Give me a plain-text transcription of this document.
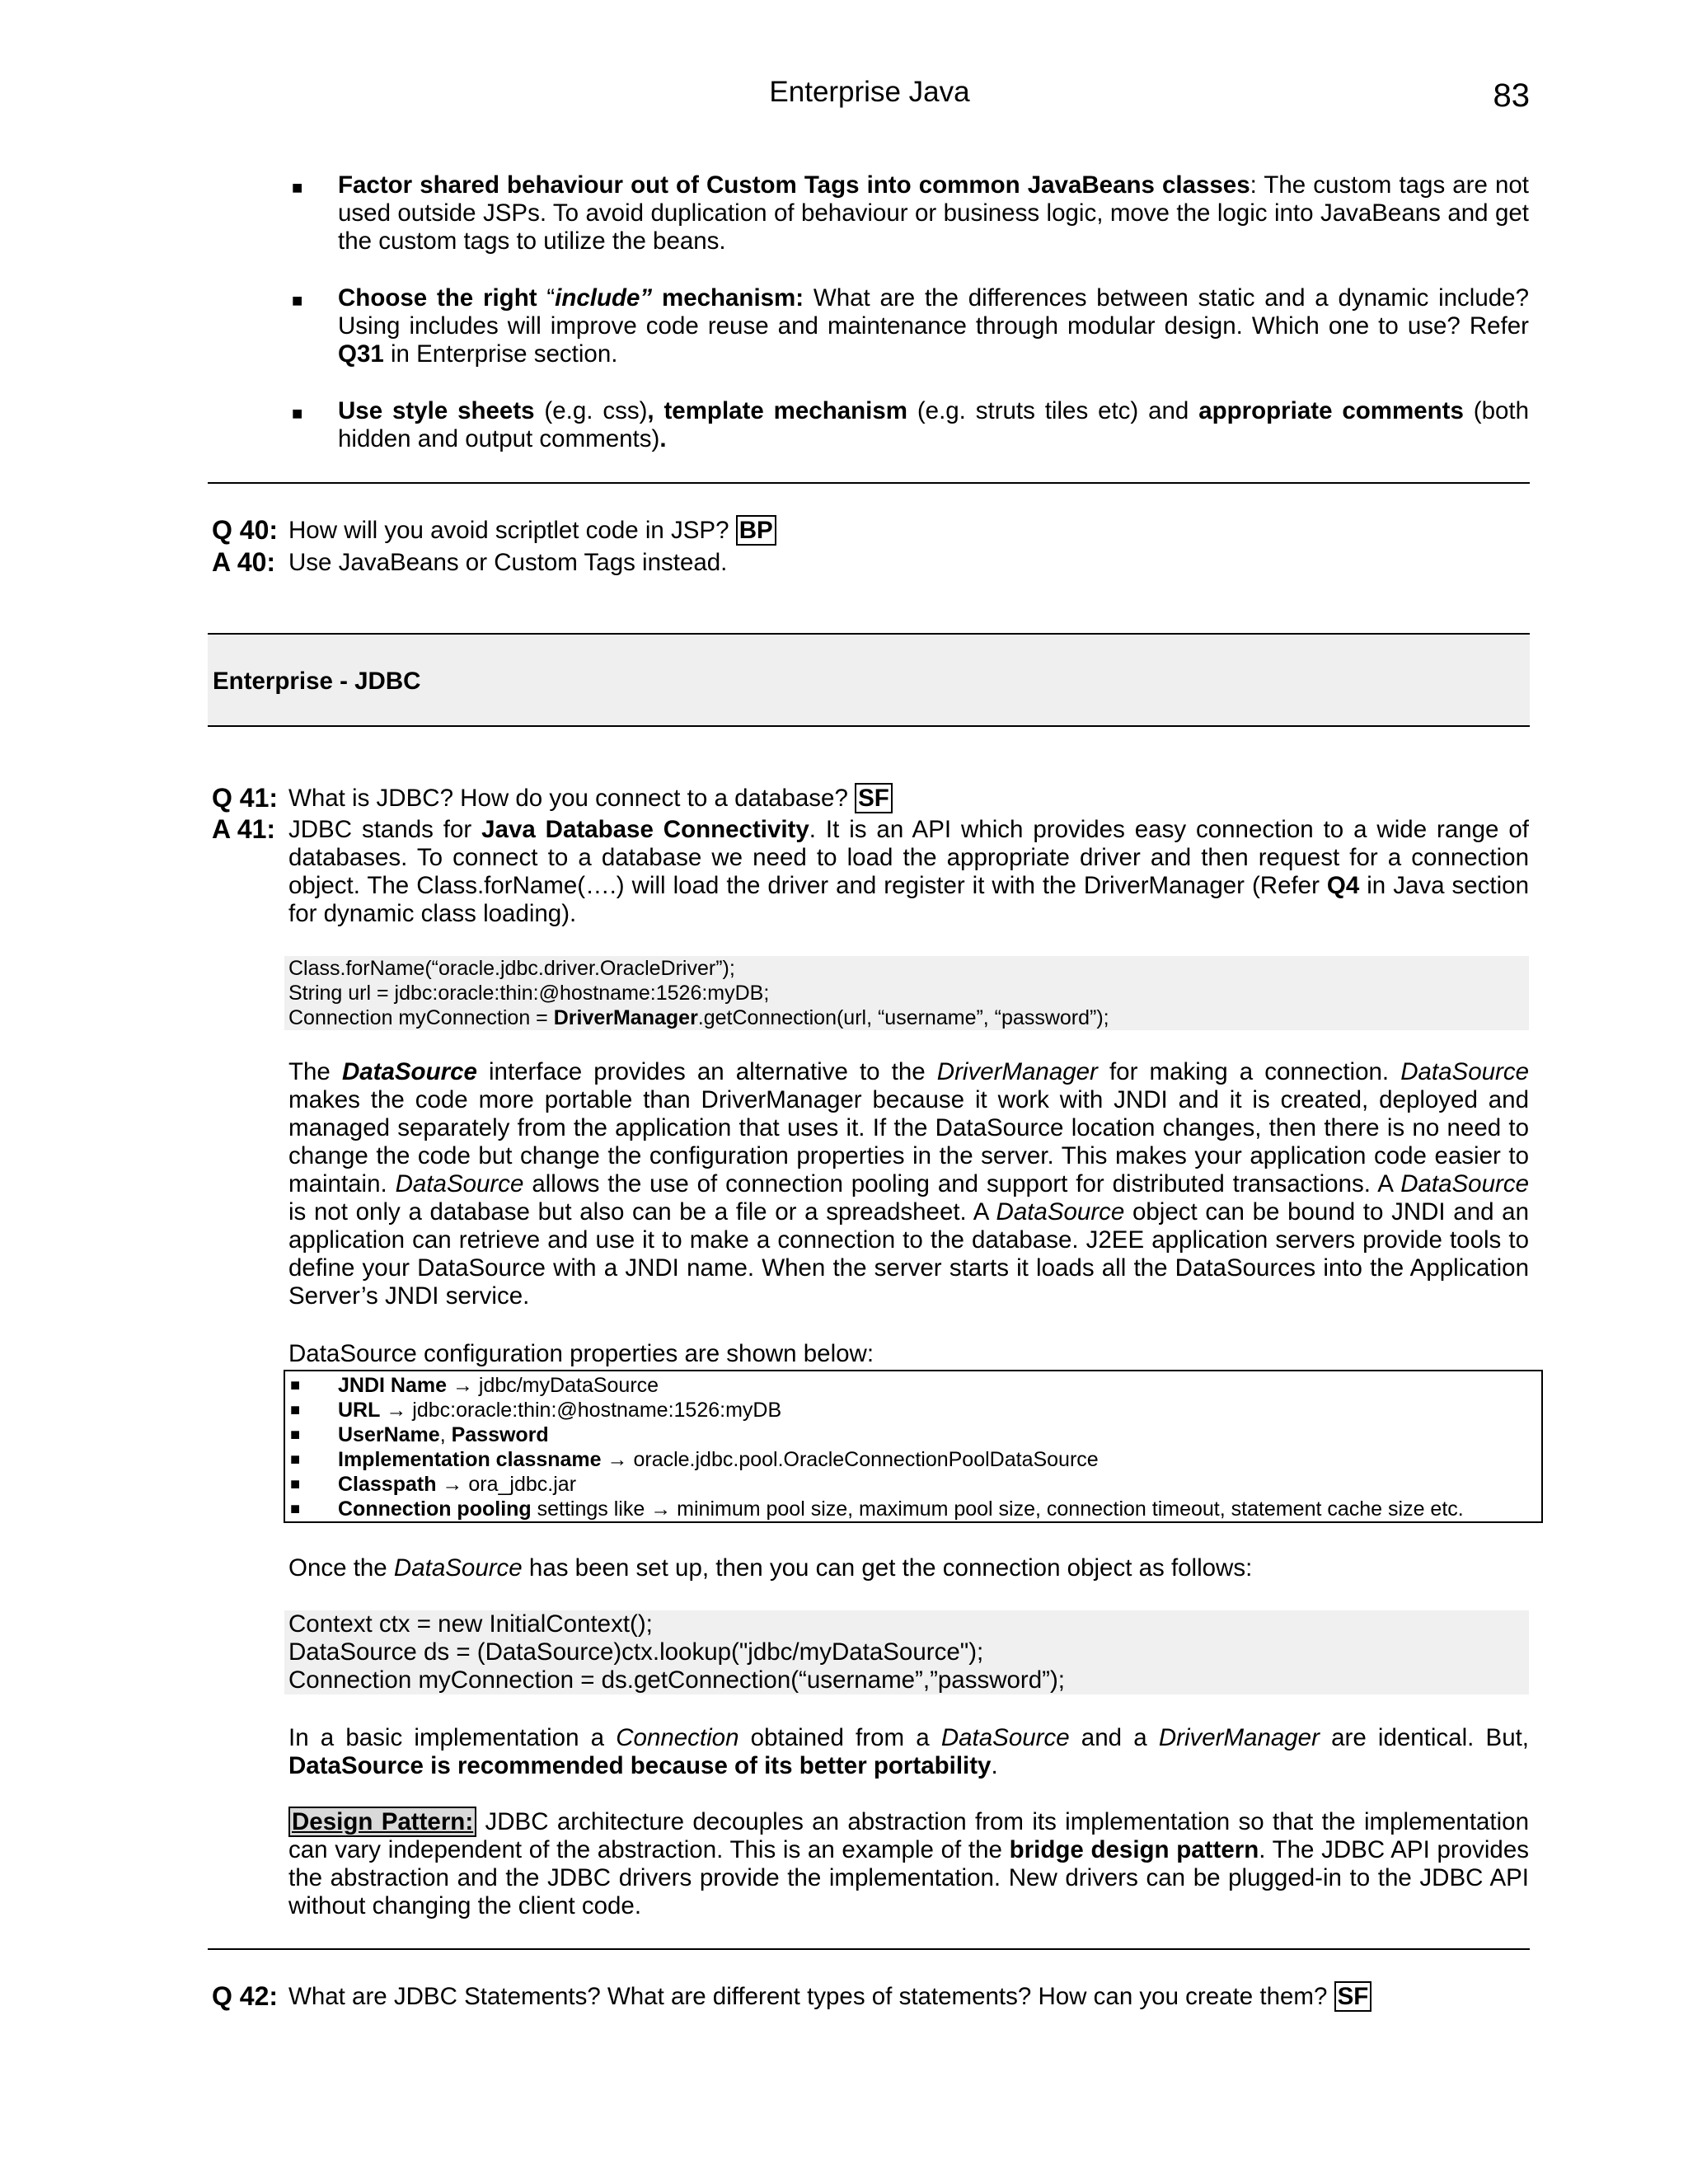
Enterprise Java	83
■ Factor shared behaviour out of Custom Tags into common JavaBeans classes: The custom tags are not used outside JSPs. To avoid duplication of behaviour or business logic, move the logic into JavaBeans and get the custom tags to utilize the beans.
■ Choose the right “include” mechanism: What are the differences between static and a dynamic include? Using includes will improve code reuse and maintenance through modular design. Which one to use? Refer Q31 in Enterprise section.
■ Use style sheets (e.g. css), template mechanism (e.g. struts tiles etc) and appropriate comments (both hidden and output comments).
Q 40: How will you avoid scriptlet code in JSP? BP
A 40: Use JavaBeans or Custom Tags instead.
Enterprise - JDBC
Q 41: What is JDBC? How do you connect to a database? SF
A 41: JDBC stands for Java Database Connectivity. It is an API which provides easy connection to a wide range of databases. To connect to a database we need to load the appropriate driver and then request for a connection object. The Class.forName(….) will load the driver and register it with the DriverManager (Refer Q4 in Java section for dynamic class loading).
Class.forName(“oracle.jdbc.driver.OracleDriver”);
String url = jdbc:oracle:thin:@hostname:1526:myDB;
Connection myConnection = DriverManager.getConnection(url, “username”, “password”);
The DataSource interface provides an alternative to the DriverManager for making a connection. DataSource makes the code more portable than DriverManager because it work with JNDI and it is created, deployed and managed separately from the application that uses it. If the DataSource location changes, then there is no need to change the code but change the configuration properties in the server. This makes your application code easier to maintain. DataSource allows the use of connection pooling and support for distributed transactions. A DataSource is not only a database but also can be a file or a spreadsheet. A DataSource object can be bound to JNDI and an application can retrieve and use it to make a connection to the database. J2EE application servers provide tools to define your DataSource with a JNDI name. When the server starts it loads all the DataSources into the Application Server’s JNDI service.
DataSource configuration properties are shown below:
■ JNDI Name → jdbc/myDataSource
■ URL → jdbc:oracle:thin:@hostname:1526:myDB
■ UserName, Password
■ Implementation classname → oracle.jdbc.pool.OracleConnectionPoolDataSource
■ Classpath → ora_jdbc.jar
■ Connection pooling settings like → minimum pool size, maximum pool size, connection timeout, statement cache size etc.
Once the DataSource has been set up, then you can get the connection object as follows:
Context ctx = new InitialContext();
DataSource ds = (DataSource)ctx.lookup("jdbc/myDataSource");
Connection myConnection = ds.getConnection(“username”,”password”);
In a basic implementation a Connection obtained from a DataSource and a DriverManager are identical. But, DataSource is recommended because of its better portability.
Design Pattern: JDBC architecture decouples an abstraction from its implementation so that the implementation can vary independent of the abstraction. This is an example of the bridge design pattern. The JDBC API provides the abstraction and the JDBC drivers provide the implementation. New drivers can be plugged-in to the JDBC API without changing the client code.
Q 42: What are JDBC Statements? What are different types of statements? How can you create them? SF
